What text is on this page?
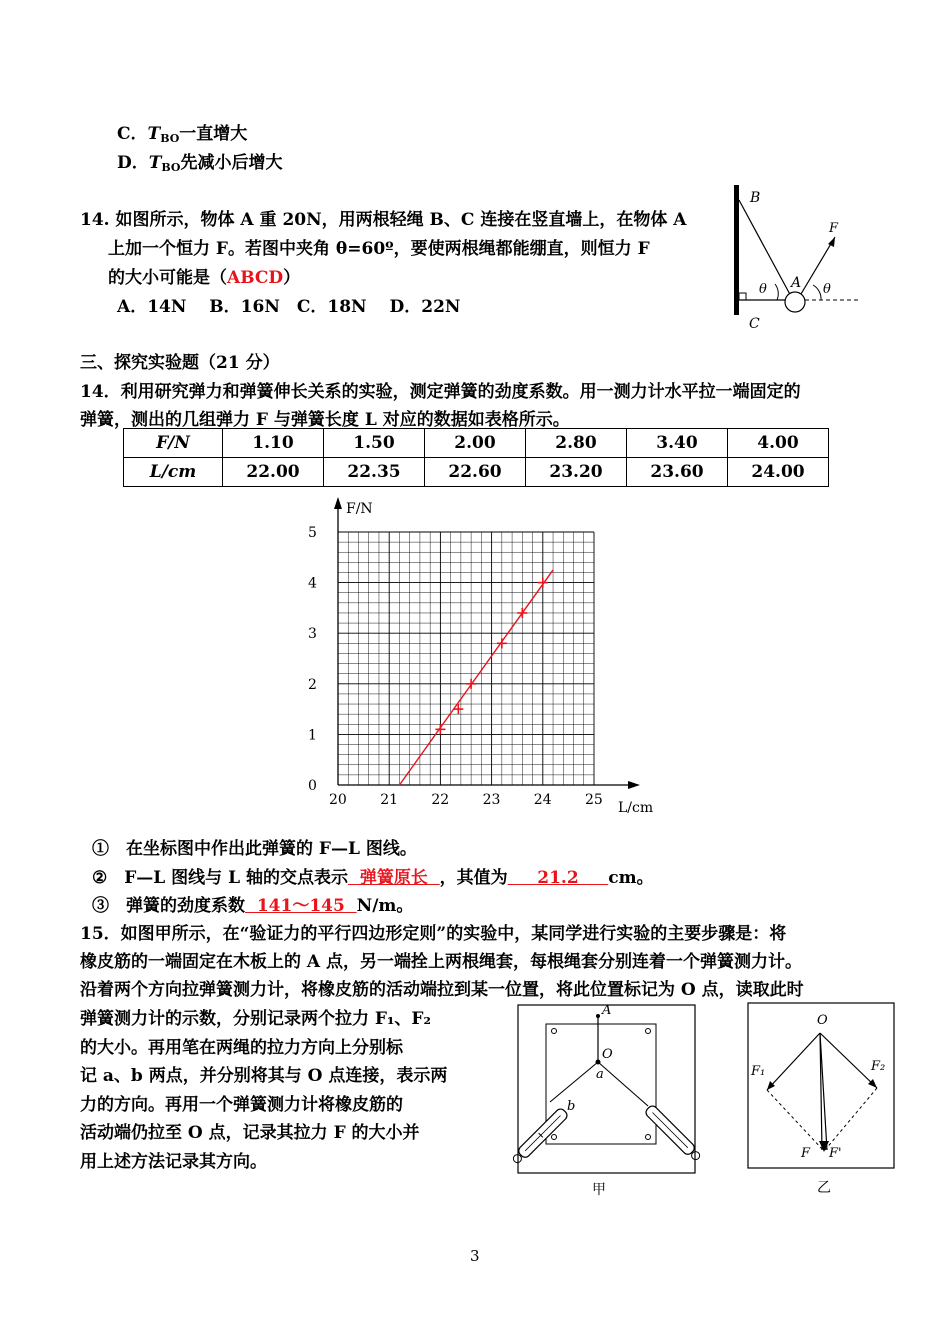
C．$T_{BO}$一直增大
D．$T_{BO}$先减小后增大
14. 如图所示，物体 A 重 20N，用两根轻绳 B、C 连接在竖直墙上，在物体 A
上加一个恒力 F。若图中夹角 θ=60º，要使两根绳都能绷直，则恒力 F
的大小可能是（ABCD）
A．14N　 B．16N　C．18N　 D．22N
B
C
A
F
θ	θ
三、探究实验题（21 分）
14．利用研究弹力和弹簧伸长关系的实验，测定弹簧的劲度系数。用一测力计水平拉一端固定的
弹簧，测出的几组弹力 F 与弹簧长度 L 对应的数据如表格所示。
F/N	1.10	1.50	2.00	2.80	3.40	4.00
L/cm	22.00	22.35	22.60	23.20	23.60	24.00
20 21 22 23 24 25
0
1
2
3
4
5
F/N
L/cm
①　在坐标图中作出此弹簧的 F—L 图线。
②　F—L 图线与 L 轴的交点表示  弹簧原长  ，其值为     21.2     cm。
③　弹簧的劲度系数  141～145  N/m。
15．如图甲所示，在“验证力的平行四边形定则”的实验中，某同学进行实验的主要步骤是：将
橡皮筋的一端固定在木板上的 A 点，另一端拴上两根绳套，每根绳套分别连着一个弹簧测力计。
沿着两个方向拉弹簧测力计，将橡皮筋的活动端拉到某一位置，将此位置标记为 O 点，读取此时
弹簧测力计的示数，分别记录两个拉力 F₁、F₂
的大小。再用笔在两绳的拉力方向上分别标
记 a、b 两点，并分别将其与 O 点连接，表示两
力的方向。再用一个弹簧测力计将橡皮筋的
活动端仍拉至 O 点，记录其拉力 F 的大小并
用上述方法记录其方向。
A
O
a
b
甲
O
F₁	F₂
F F'
乙
3
